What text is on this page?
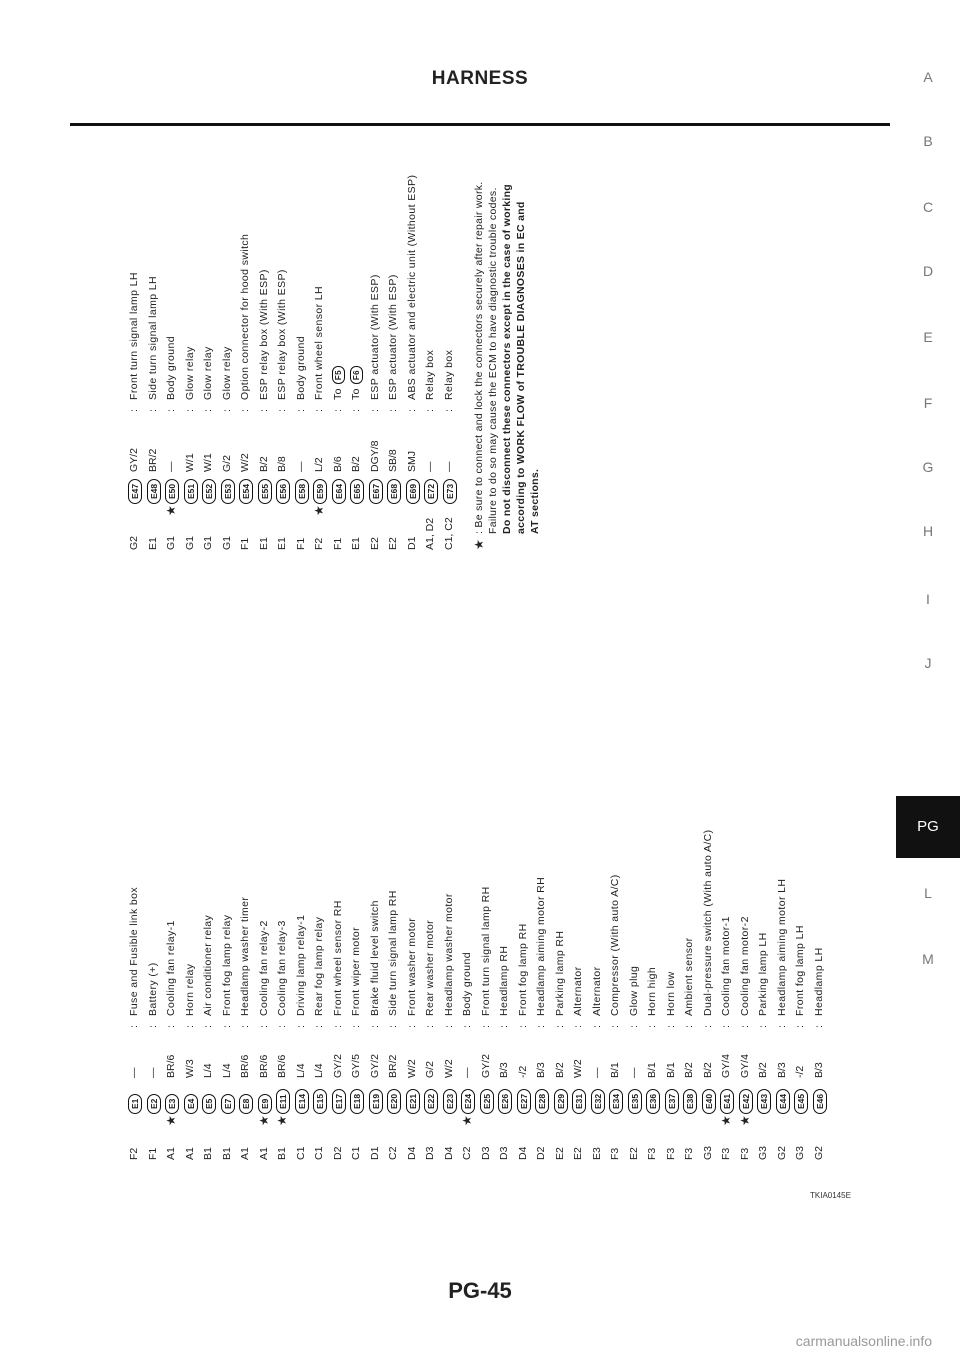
HARNESS	A
B
C
D
E
F
G
H
I
J
PG
L
M
F2
E1
—
:
Fuse and Fusible link box
F1
E2
—
:
Battery (+)
A1
★
E3
BR/6
:
Cooling fan relay-1
A1
E4
W/3
:
Horn relay
B1
E5
L/4
:
Air conditioner relay
B1
E7
L/4
:
Front fog lamp relay
A1
E8
BR/6
:
Headlamp washer timer
A1
★
E9
BR/6
:
Cooling fan relay-2
B1
★
E11
BR/6
:
Cooling fan relay-3
C1
E14
L/4
:
Driving lamp relay-1
C1
E15
L/4
:
Rear fog lamp relay
D2
E17
GY/2
:
Front wheel sensor RH
C1
E18
GY/5
:
Front wiper motor
D1
E19
GY/2
:
Brake fluid level switch
C2
E20
BR/2
:
Side turn signal lamp RH
D4
E21
W/2
:
Front washer motor
D3
E22
G/2
:
Rear washer motor
D4
E23
W/2
:
Headlamp washer motor
C2
★
E24
—
:
Body ground
D3
E25
GY/2
:
Front turn signal lamp RH
D3
E26
B/3
:
Headlamp RH
D4
E27
-/2
:
Front fog lamp RH
D2
E28
B/3
:
Headlamp aiming motor RH
E2
E29
B/2
:
Parking lamp RH
E2
E31
W/2
:
Alternator
E3
E32
—
:
Alternator
F3
E34
B/1
:
Compressor (With auto A/C)
E2
E35
—
:
Glow plug
F3
E36
B/1
:
Horn high
F3
E37
B/1
:
Horn low
F3
E38
B/2
:
Ambient sensor
G3
E40
B/2
:
Dual-pressure switch (With auto A/C)
F3
★
E41
GY/4
:
Cooling fan motor-1
F3
★
E42
GY/4
:
Cooling fan motor-2
G3
E43
B/2
:
Parking lamp LH
G2
E44
B/3
:
Headlamp aiming motor LH
G3
E45
-/2
:
Front fog lamp LH
G2
E46
B/3
:
Headlamp LH
G2
E47
GY/2
:
Front turn signal lamp LH
E1
E48
BR/2
:
Side turn signal lamp LH
G1
★
E50
—
:
Body ground
G1
E51
W/1
:
Glow relay
G1
E52
W/1
:
Glow relay
G1
E53
G/2
:
Glow relay
F1
E54
W/2
:
Option connector for hood switch
E1
E55
B/2
:
ESP relay box (With ESP)
E1
E56
B/8
:
ESP relay box (With ESP)
F1
E58
—
:
Body ground
F2
★
E59
L/2
:
Front wheel sensor LH
F1
E64
B/6
:
ToF5
E1
E65
B/2
:
ToF6
E2
E67
DGY/8
:
ESP actuator (With ESP)
E2
E68
SB/8
:
ESP actuator (With ESP)
D1
E69
SMJ
:
ABS actuator and electric unit (Without ESP)
A1, D2
E72
—
:
Relay box
C1, C2
E73
—
:
Relay box
★
: Be sure to connect and lock the connectors securely after repair work. Failure to do so may cause the ECM to have diagnostic trouble codes. Do not disconnect these connectors except in the case of working according to WORK FLOW of TROUBLE DIAGNOSES in EC and AT sections.
TKIA0145E
PG-45
carmanualsonline.info
